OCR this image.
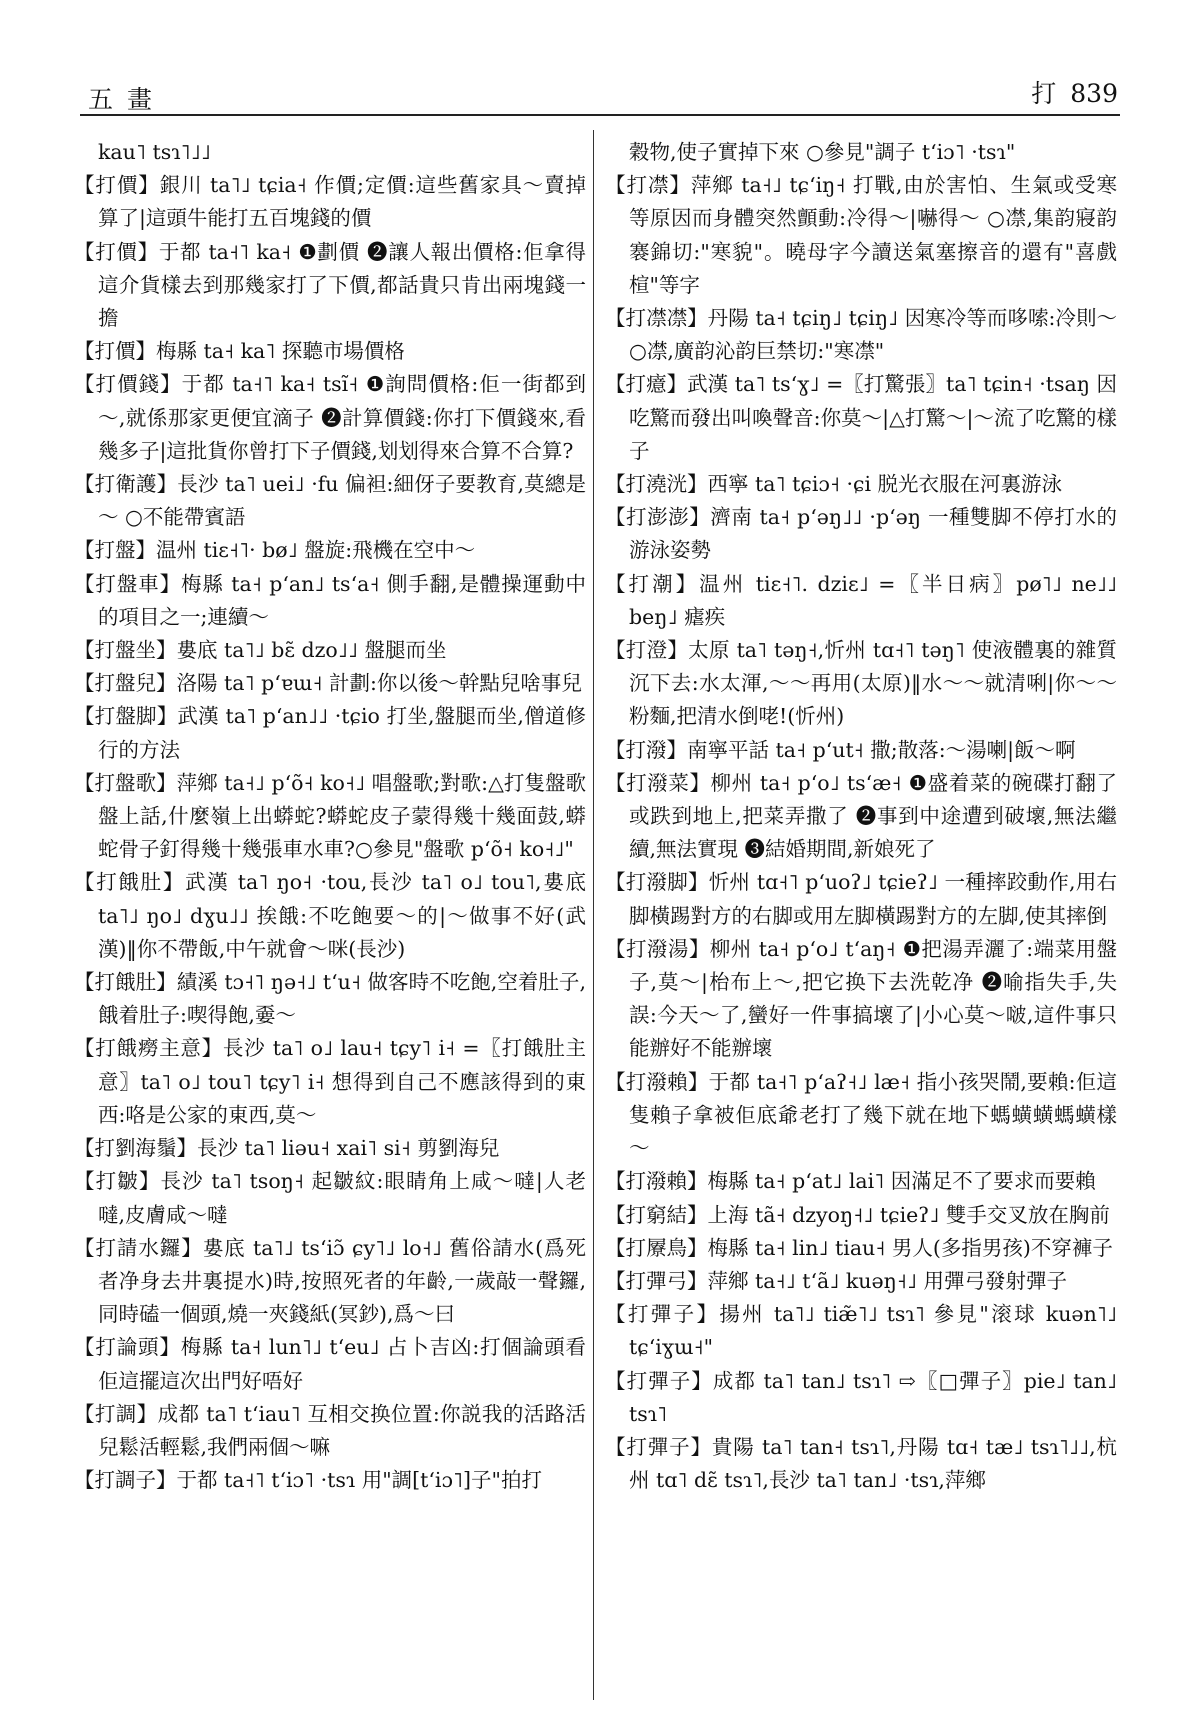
五畫	打 839

kau˥ tsɿ˥˩˩

【打價】銀川 ta˥˩ tɕia˧ 作價;定價:這些舊家具～賣掉算了|這頭牛能打五百塊錢的價

【打價】于都 ta˧˥ ka˧ ❶劃價 ❷讓人報出價格:佢拿得這介貨樣去到那幾家打了下價,都話貴只肯出兩塊錢一擔

【打價】梅縣 ta˧ ka˥ 探聽市場價格

【打價錢】于都 ta˧˥ ka˧ tsĩ˧ ❶詢問價格:佢一街都到～,就係那家更便宜滴子 ❷計算價錢:你打下價錢來,看幾多子|這批貨你曾打下子價錢,划划得來合算不合算?

【打衛護】長沙 ta˥ uei˩ ·fu 偏袒:細伢子要教育,莫總是～ ○不能帶賓語

【打盤】温州 tiɛ˧˥· bø˩ 盤旋:飛機在空中～

【打盤車】梅縣 ta˧ pʻan˩ tsʻa˧ 側手翻,是體操運動中的項目之一;連續～

【打盤坐】婁底 ta˥˩ bɛ̃ dzo˩˩ 盤腿而坐

【打盤兒】洛陽 ta˥ pʻɐɯ˧ 計劃:你以後～幹點兒啥事兒

【打盤脚】武漢 ta˥ pʻan˩˩ ·tɕio 打坐,盤腿而坐,僧道修行的方法

【打盤歌】萍鄉 ta˧˩ pʻõ˧ ko˧˩ 唱盤歌;對歌:△打隻盤歌盤上話,什麼嶺上出蟒蛇?蟒蛇皮子蒙得幾十幾面鼓,蟒蛇骨子釘得幾十幾張車水車?○參見"盤歌 pʻõ˧ ko˧˩"

【打餓肚】武漢 ta˥ ŋo˧ ·tou,長沙 ta˥ o˩ tou˥,婁底 ta˥˩ ŋo˩ dɣu˩˩ 挨餓:不吃飽要～的|～做事不好(武漢)‖你不帶飯,中午就會～咪(長沙)

【打餓肚】績溪 tɔ˧˥ ŋə˧˩ tʻu˧ 做客時不吃飽,空着肚子,餓着肚子:喫得飽,嫑～

【打餓癆主意】長沙 ta˥ o˩ lau˧ tɕy˥ i˧ =〖打餓肚主意〗ta˥ o˩ tou˥ tɕy˥ i˧ 想得到自己不應該得到的東西:咯是公家的東西,莫～

【打劉海鬚】長沙 ta˥ liəu˧ xai˥ si˧ 剪劉海兒

【打皺】長沙 ta˥ tsoŋ˧ 起皺紋:眼睛角上咸～噠|人老噠,皮膚咸～噠

【打請水鑼】婁底 ta˥˩ tsʻiɔ̃ ɕy˥˩ lo˧˩ 舊俗請水(爲死者净身去井裏提水)時,按照死者的年齡,一歲敲一聲鑼,同時磕一個頭,燒一夾錢紙(冥鈔),爲～曰

【打論頭】梅縣 ta˧ lun˥˩ tʻeu˩ 占卜吉凶:打個論頭看佢這擺這次出門好唔好

【打調】成都 ta˥ tʻiau˥ 互相交换位置:你説我的活路活兒鬆活輕鬆,我們兩個～嘛

【打調子】于都 ta˧˥ tʻiɔ˥ ·tsɿ 用"調[tʻiɔ˥]子"拍打

穀物,使子實掉下來 ○參見"調子 tʻiɔ˥ ·tsɿ"

【打凚】萍鄉 ta˧˩ tɕʻiŋ˧ 打戰,由於害怕、生氣或受寒等原因而身體突然顫動:冷得～|嚇得～ ○凚,集韵寢韵褰錦切:"寒貌"。曉母字今讀送氣塞擦音的還有"喜戲楦"等字

【打凚凚】丹陽 ta˧ tɕiŋ˩ tɕiŋ˩ 因寒冷等而哆嗦:冷則～ ○凚,廣韵沁韵巨禁切:"寒凚"

【打癔】武漢 ta˥ tsʻɣ˩ =〖打驚張〗ta˥ tɕin˧ ·tsaŋ 因吃驚而發出叫喚聲音:你莫～|△打驚～|～流了吃驚的樣子

【打澆洸】西寧 ta˥ tɕiɔ˧ ·ɕi 脱光衣服在河裏游泳

【打澎澎】濟南 ta˧ pʻəŋ˩˩ ·pʻəŋ 一種雙脚不停打水的游泳姿勢

【打潮】温州 tiɛ˧˥. dziɛ˩ =〖半日病〗pø˥˩ ne˩˩ beŋ˩ 瘧疾

【打澄】太原 ta˥ təŋ˧,忻州 tɑ˧˥ təŋ˥ 使液體裏的雜質沉下去:水太渾,～～再用(太原)‖水～～就清唎|你～～粉麵,把清水倒咾!(忻州)

【打潑】南寧平話 ta˧ pʻut˧ 撒;散落:～湯喇|飯～啊

【打潑菜】柳州 ta˧ pʻo˩ tsʻæ˧ ❶盛着菜的碗碟打翻了或跌到地上,把菜弄撒了 ❷事到中途遭到破壞,無法繼續,無法實現 ❸結婚期間,新娘死了

【打潑脚】忻州 tɑ˧˥ pʻuoʔ˩ tɕieʔ˩ 一種摔跤動作,用右脚橫踢對方的右脚或用左脚橫踢對方的左脚,使其摔倒

【打潑湯】柳州 ta˧ pʻo˩ tʻaŋ˧ ❶把湯弄灑了:端菜用盤子,莫～|枱布上～,把它换下去洗乾净 ❷喻指失手,失誤:今天～了,蠻好一件事搞壞了|小心莫～啵,這件事只能辦好不能辦壞

【打潑賴】于都 ta˧˥ pʻaʔ˧˩ læ˧ 指小孩哭鬧,要賴:佢這隻賴子拿被佢底爺老打了幾下就在地下螞蟥蟥螞蟥樣～

【打潑賴】梅縣 ta˧ pʻat˩ lai˥ 因滿足不了要求而要賴

【打窮結】上海 tã˧ dzyoŋ˧˩ tɕieʔ˩ 雙手交叉放在胸前

【打屪鳥】梅縣 ta˧ lin˩ tiau˧ 男人(多指男孩)不穿褲子

【打彈弓】萍鄉 ta˧˩ tʻã˩ kuəŋ˧˩ 用彈弓發射彈子

【打彈子】揚州 ta˥˩ tiæ̃˥˩ tsɿ˥ 參見"滚球 kuən˥˩ tɕʻiɣɯ˧"

【打彈子】成都 ta˥ tan˩ tsɿ˥ ⇨〖□彈子〗pie˩ tan˩ tsɿ˥

【打彈子】貴陽 ta˥ tan˧ tsɿ˥,丹陽 tɑ˧ tæ˩ tsɿ˥˩˩,杭州 tɑ˥ dɛ̃ tsɿ˥,長沙 ta˥ tan˩ ·tsɿ,萍鄉
